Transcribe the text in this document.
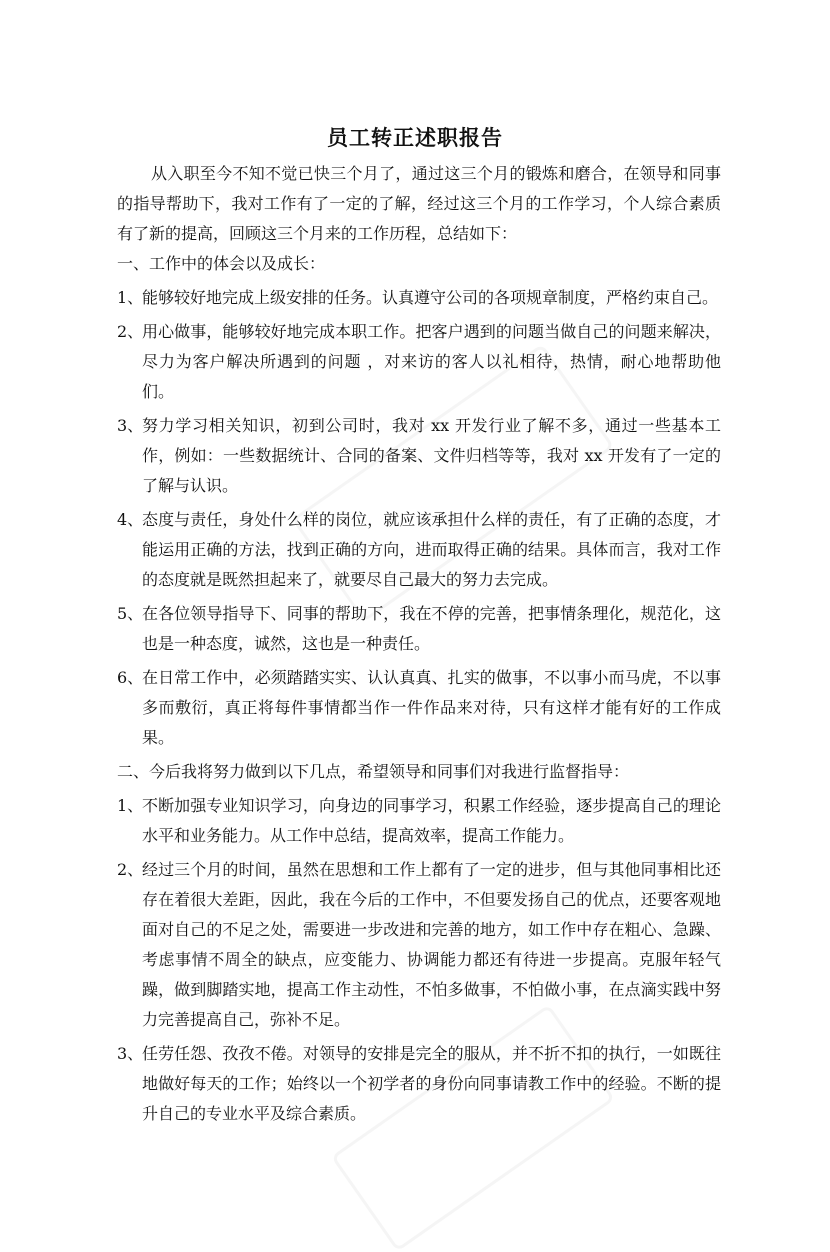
员工转正述职报告

从入职至今不知不觉已快三个月了，通过这三个月的锻炼和磨合，在领导和同事的指导帮助下，我对工作有了一定的了解，经过这三个月的工作学习，个人综合素质有了新的提高，回顾这三个月来的工作历程，总结如下：

一、工作中的体会以及成长：

1、
能够较好地完成上级安排的任务。认真遵守公司的各项规章制度，严格约束自己。
2、
用心做事，能够较好地完成本职工作。把客户遇到的问题当做自己的问题来解决，尽力为客户解决所遇到的问题 ，对来访的客人以礼相待，热情，耐心地帮助他们。
3、
努力学习相关知识，初到公司时，我对 xx 开发行业了解不多，通过一些基本工作，例如：一些数据统计、合同的备案、文件归档等等，我对 xx 开发有了一定的了解与认识。
4、
态度与责任，身处什么样的岗位，就应该承担什么样的责任，有了正确的态度，才能运用正确的方法，找到正确的方向，进而取得正确的结果。具体而言，我对工作的态度就是既然担起来了，就要尽自己最大的努力去完成。
5、
在各位领导指导下、同事的帮助下，我在不停的完善，把事情条理化，规范化，这也是一种态度，诚然，这也是一种责任。
6、
在日常工作中，必须踏踏实实、认认真真、扎实的做事，不以事小而马虎，不以事多而敷衍，真正将每件事情都当作一件作品来对待，只有这样才能有好的工作成果。

二、今后我将努力做到以下几点，希望领导和同事们对我进行监督指导：

1、
不断加强专业知识学习，向身边的同事学习，积累工作经验，逐步提高自己的理论水平和业务能力。从工作中总结，提高效率，提高工作能力。
2、
经过三个月的时间，虽然在思想和工作上都有了一定的进步，但与其他同事相比还存在着很大差距，因此，我在今后的工作中，不但要发扬自己的优点，还要客观地面对自己的不足之处，需要进一步改进和完善的地方，如工作中存在粗心、急躁、考虑事情不周全的缺点，应变能力、协调能力都还有待进一步提高。克服年轻气躁，做到脚踏实地，提高工作主动性，不怕多做事，不怕做小事，在点滴实践中努力完善提高自己，弥补不足。
3、
任劳任怨、孜孜不倦。对领导的安排是完全的服从，并不折不扣的执行，一如既往地做好每天的工作；始终以一个初学者的身份向同事请教工作中的经验。不断的提升自己的专业水平及综合素质。
